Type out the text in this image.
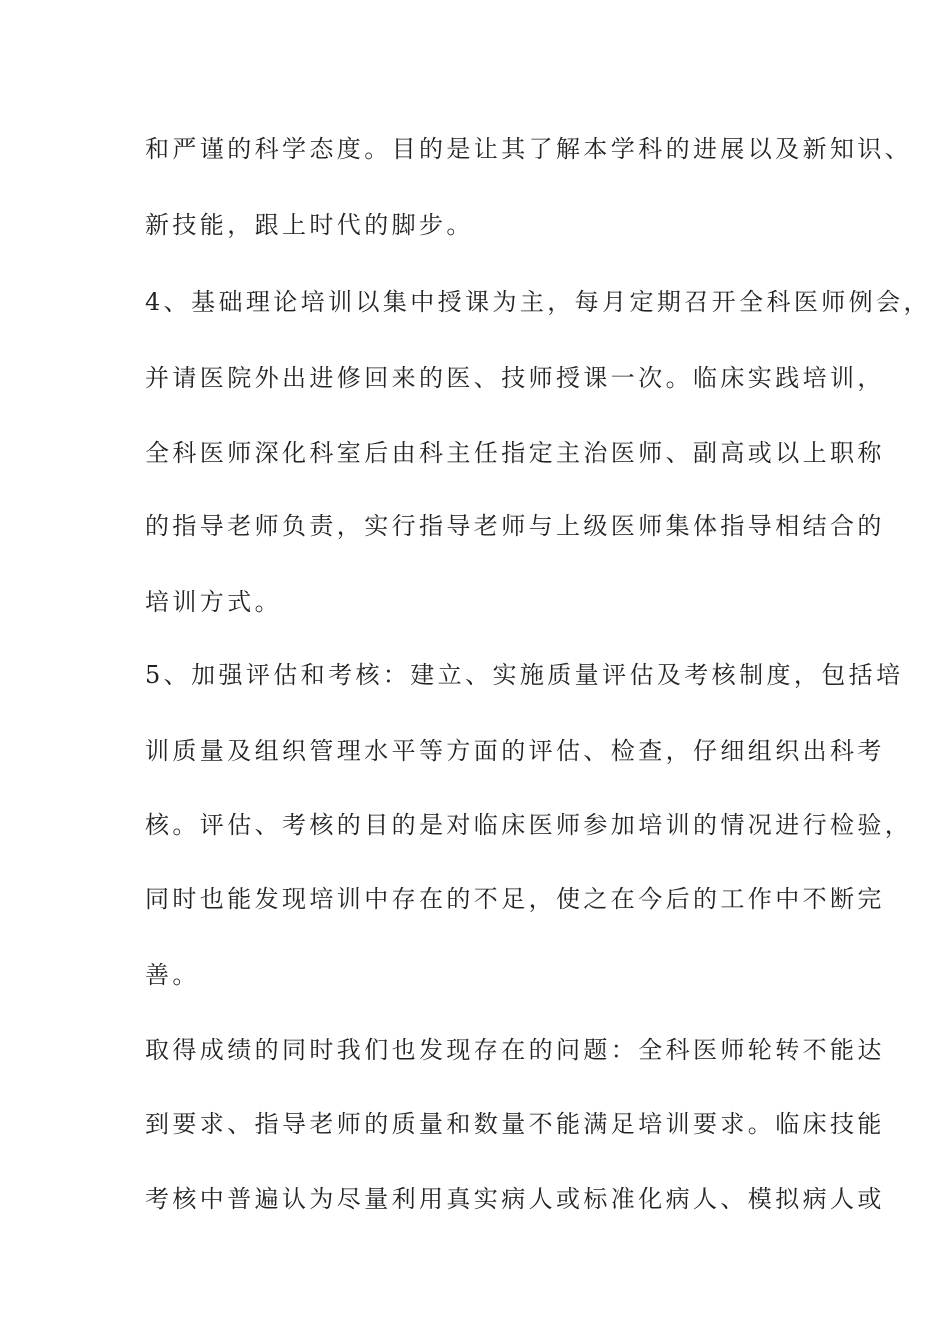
和严谨的科学态度。目的是让其了解本学科的进展以及新知识、
新技能，跟上时代的脚步。
4、基础理论培训以集中授课为主，每月定期召开全科医师例会，
并请医院外出进修回来的医、技师授课一次。临床实践培训，
全科医师深化科室后由科主任指定主治医师、副高或以上职称
的指导老师负责，实行指导老师与上级医师集体指导相结合的
培训方式。
5、加强评估和考核：建立、实施质量评估及考核制度，包括培
训质量及组织管理水平等方面的评估、检查，仔细组织出科考
核。评估、考核的目的是对临床医师参加培训的情况进行检验，
同时也能发现培训中存在的不足，使之在今后的工作中不断完
善。
取得成绩的同时我们也发现存在的问题：全科医师轮转不能达
到要求、指导老师的质量和数量不能满足培训要求。临床技能
考核中普遍认为尽量利用真实病人或标准化病人、模拟病人或
